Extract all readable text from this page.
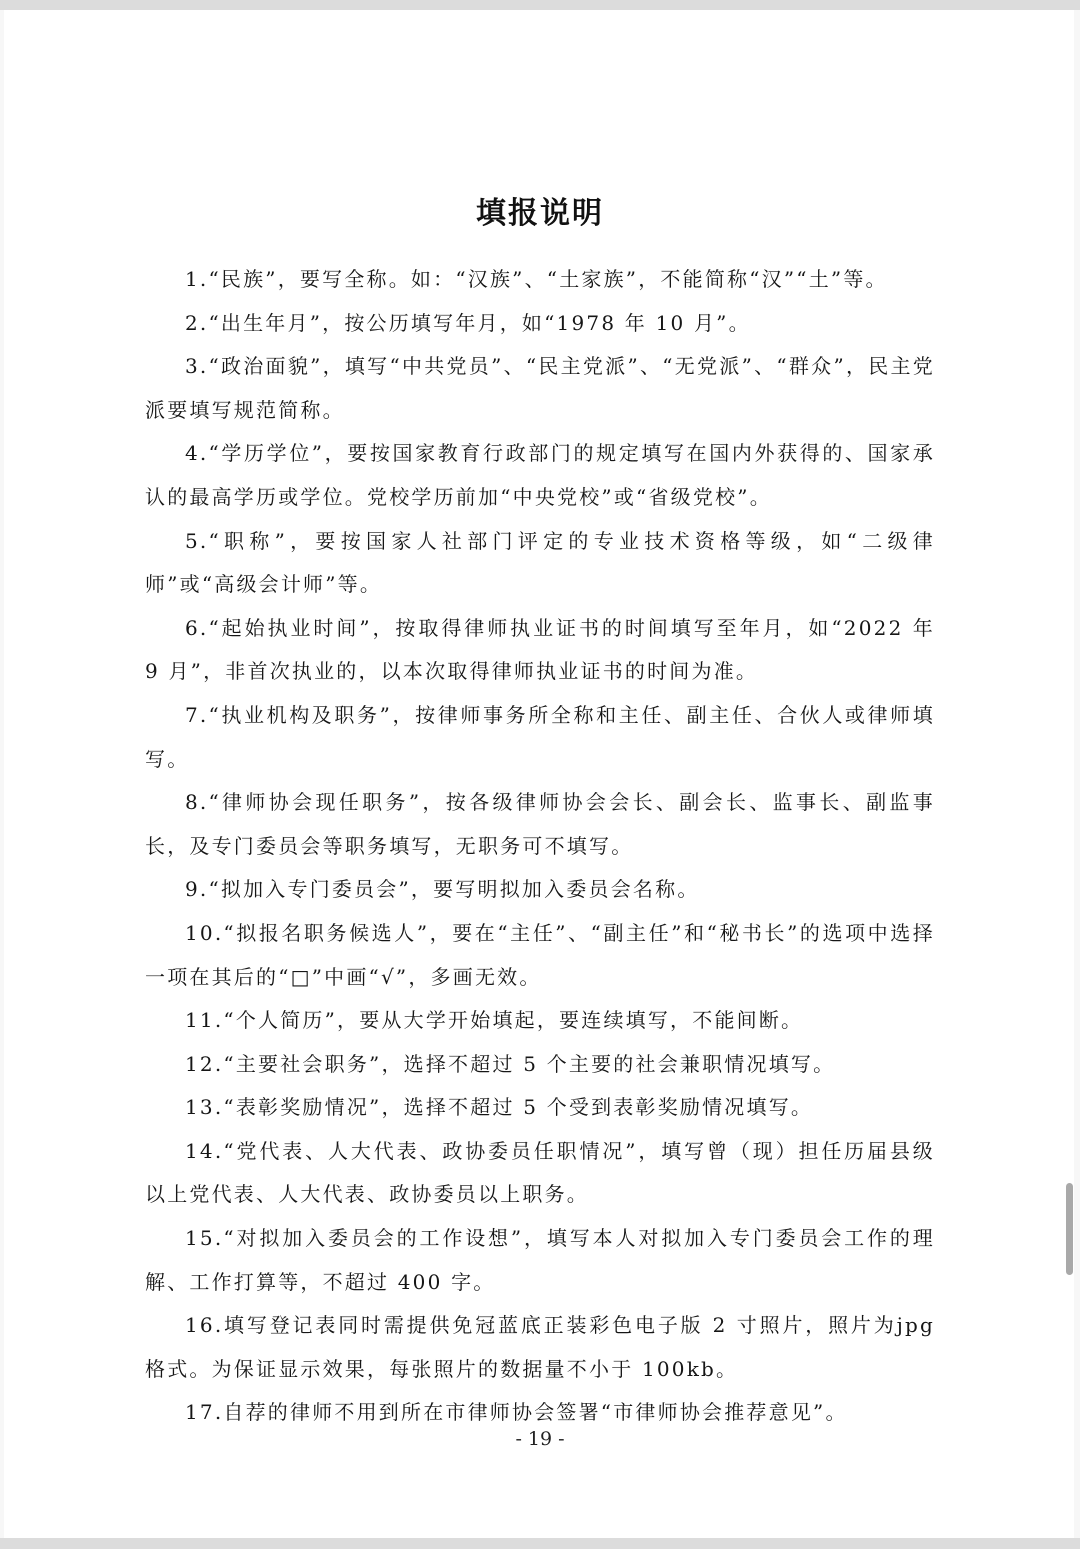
填报说明

1.“民族”，要写全称。如：“汉族”、“土家族”，不能简称“汉”“土”等。

2.“出生年月”，按公历填写年月，如“1978 年 10 月”。

3.“政治面貌”，填写“中共党员”、“民主党派”、“无党派”、“群众”，民主党派要填写规范简称。

4.“学历学位”，要按国家教育行政部门的规定填写在国内外获得的、国家承认的最高学历或学位。党校学历前加“中央党校”或“省级党校”。

5.“职称”，要按国家人社部门评定的专业技术资格等级，如“二级律师”或“高级会计师”等。

6.“起始执业时间”，按取得律师执业证书的时间填写至年月，如“2022 年 9 月”，非首次执业的，以本次取得律师执业证书的时间为准。

7.“执业机构及职务”，按律师事务所全称和主任、副主任、合伙人或律师填写。

8.“律师协会现任职务”，按各级律师协会会长、副会长、监事长、副监事长，及专门委员会等职务填写，无职务可不填写。

9.“拟加入专门委员会”，要写明拟加入委员会名称。

10.“拟报名职务候选人”，要在“主任”、“副主任”和“秘书长”的选项中选择一项在其后的“□”中画“√”，多画无效。

11.“个人简历”，要从大学开始填起，要连续填写，不能间断。

12.“主要社会职务”，选择不超过 5 个主要的社会兼职情况填写。

13.“表彰奖励情况”，选择不超过 5 个受到表彰奖励情况填写。

14.“党代表、人大代表、政协委员任职情况”，填写曾（现）担任历届县级以上党代表、人大代表、政协委员以上职务。

15.“对拟加入委员会的工作设想”，填写本人对拟加入专门委员会工作的理解、工作打算等，不超过 400 字。

16.填写登记表同时需提供免冠蓝底正装彩色电子版 2 寸照片，照片为jpg格式。为保证显示效果，每张照片的数据量不小于 100kb。

17.自荐的律师不用到所在市律师协会签署“市律师协会推荐意见”。

- 19 -
